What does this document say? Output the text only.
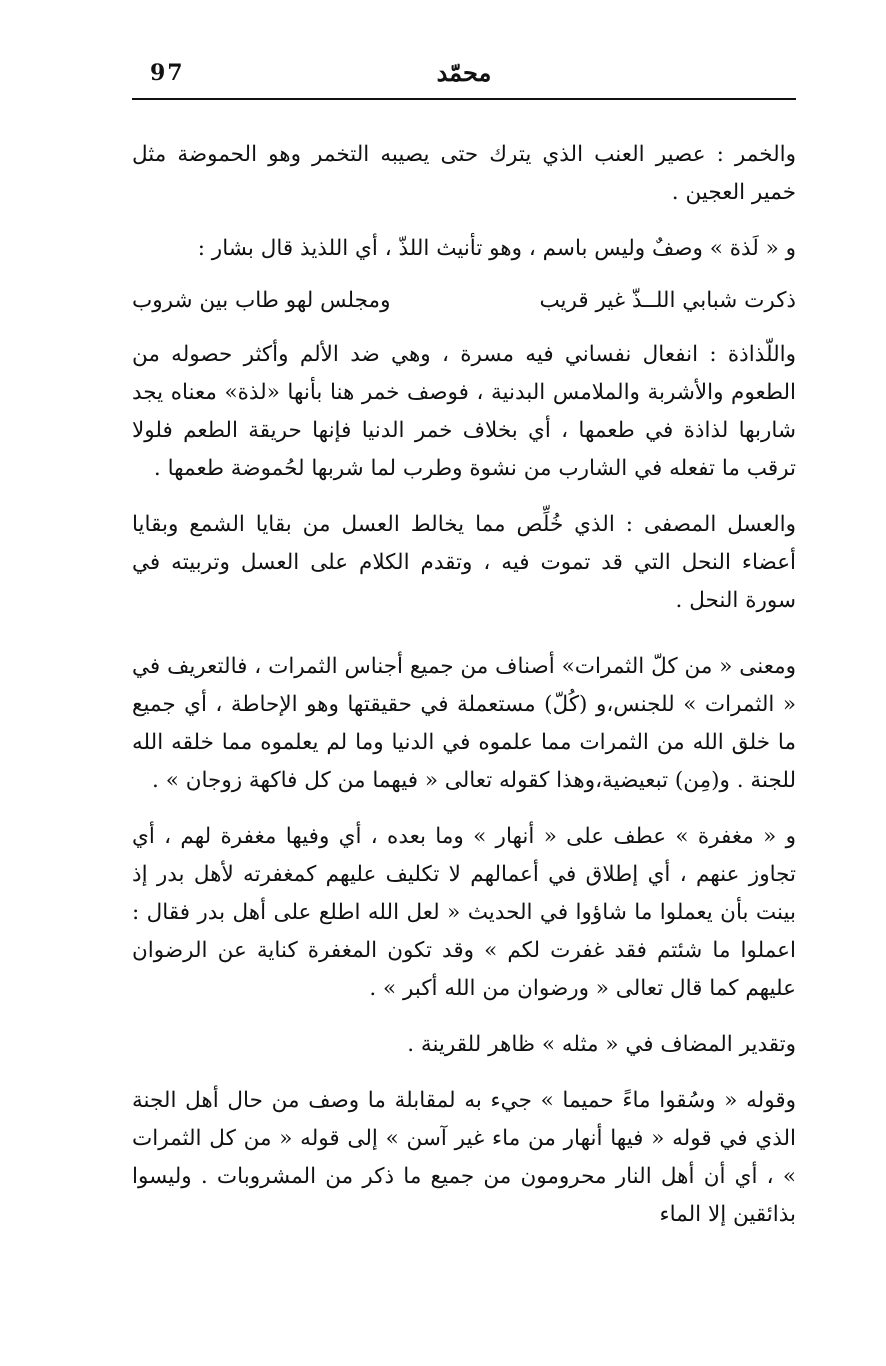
97	محمّد

والخمر : عصير العنب الذي يترك حتى يصيبه التخمر وهو الحموضة مثل خمير العجين .

و « لَذة » وصفٌ وليس باسم ، وهو تأنيث اللذّ ، أي اللذيذ قال بشار :

ذكرت شبابي اللــذّ غير قريب
ومجلس لهو طاب بين شروب

واللّذاذة : انفعال نفساني فيه مسرة ، وهي ضد الألم وأكثر حصوله من الطعوم والأشربة والملامس البدنية ، فوصف خمر هنا بأنها «لذة» معناه يجد شاربها لذاذة في طعمها ، أي بخلاف خمر الدنيا فإنها حريقة الطعم فلولا ترقب ما تفعله في الشارب من نشوة وطرب لما شربها لحُموضة طعمها .

والعسل المصفى : الذي خُلِّص مما يخالط العسل من بقايا الشمع وبقايا أعضاء النحل التي قد تموت فيه ، وتقدم الكلام على العسل وتربيته في سورة النحل .

ومعنى « من كلّ الثمرات» أصناف من جميع أجناس الثمرات ، فالتعريف في « الثمرات » للجنس،و (كُلّ) مستعملة في حقيقتها وهو الإحاطة ، أي جميع ما خلق الله من الثمرات مما علموه في الدنيا وما لم يعلموه مما خلقه الله للجنة . و(مِن) تبعيضية،وهذا كقوله تعالى « فيهما من كل فاكهة زوجان » .

و « مغفرة » عطف على « أنهار » وما بعده ، أي وفيها مغفرة لهم ، أي تجاوز عنهم ، أي إطلاق في أعمالهم لا تكليف عليهم كمغفرته لأهل بدر إذ بينت بأن يعملوا ما شاؤوا في الحديث « لعل الله اطلع على أهل بدر فقال : اعملوا ما شئتم فقد غفرت لكم » وقد تكون المغفرة كناية عن الرضوان عليهم كما قال تعالى « ورضوان من الله أكبر » .

وتقدير المضاف في « مثله » ظاهر للقرينة .

وقوله « وسُقوا ماءً حميما » جيء به لمقابلة ما وصف من حال أهل الجنة الذي في قوله « فيها أنهار من ماء غير آسن » إلى قوله « من كل الثمرات » ، أي أن أهل النار محرومون من جميع ما ذكر من المشروبات . وليسوا بذائقين إلا الماء
